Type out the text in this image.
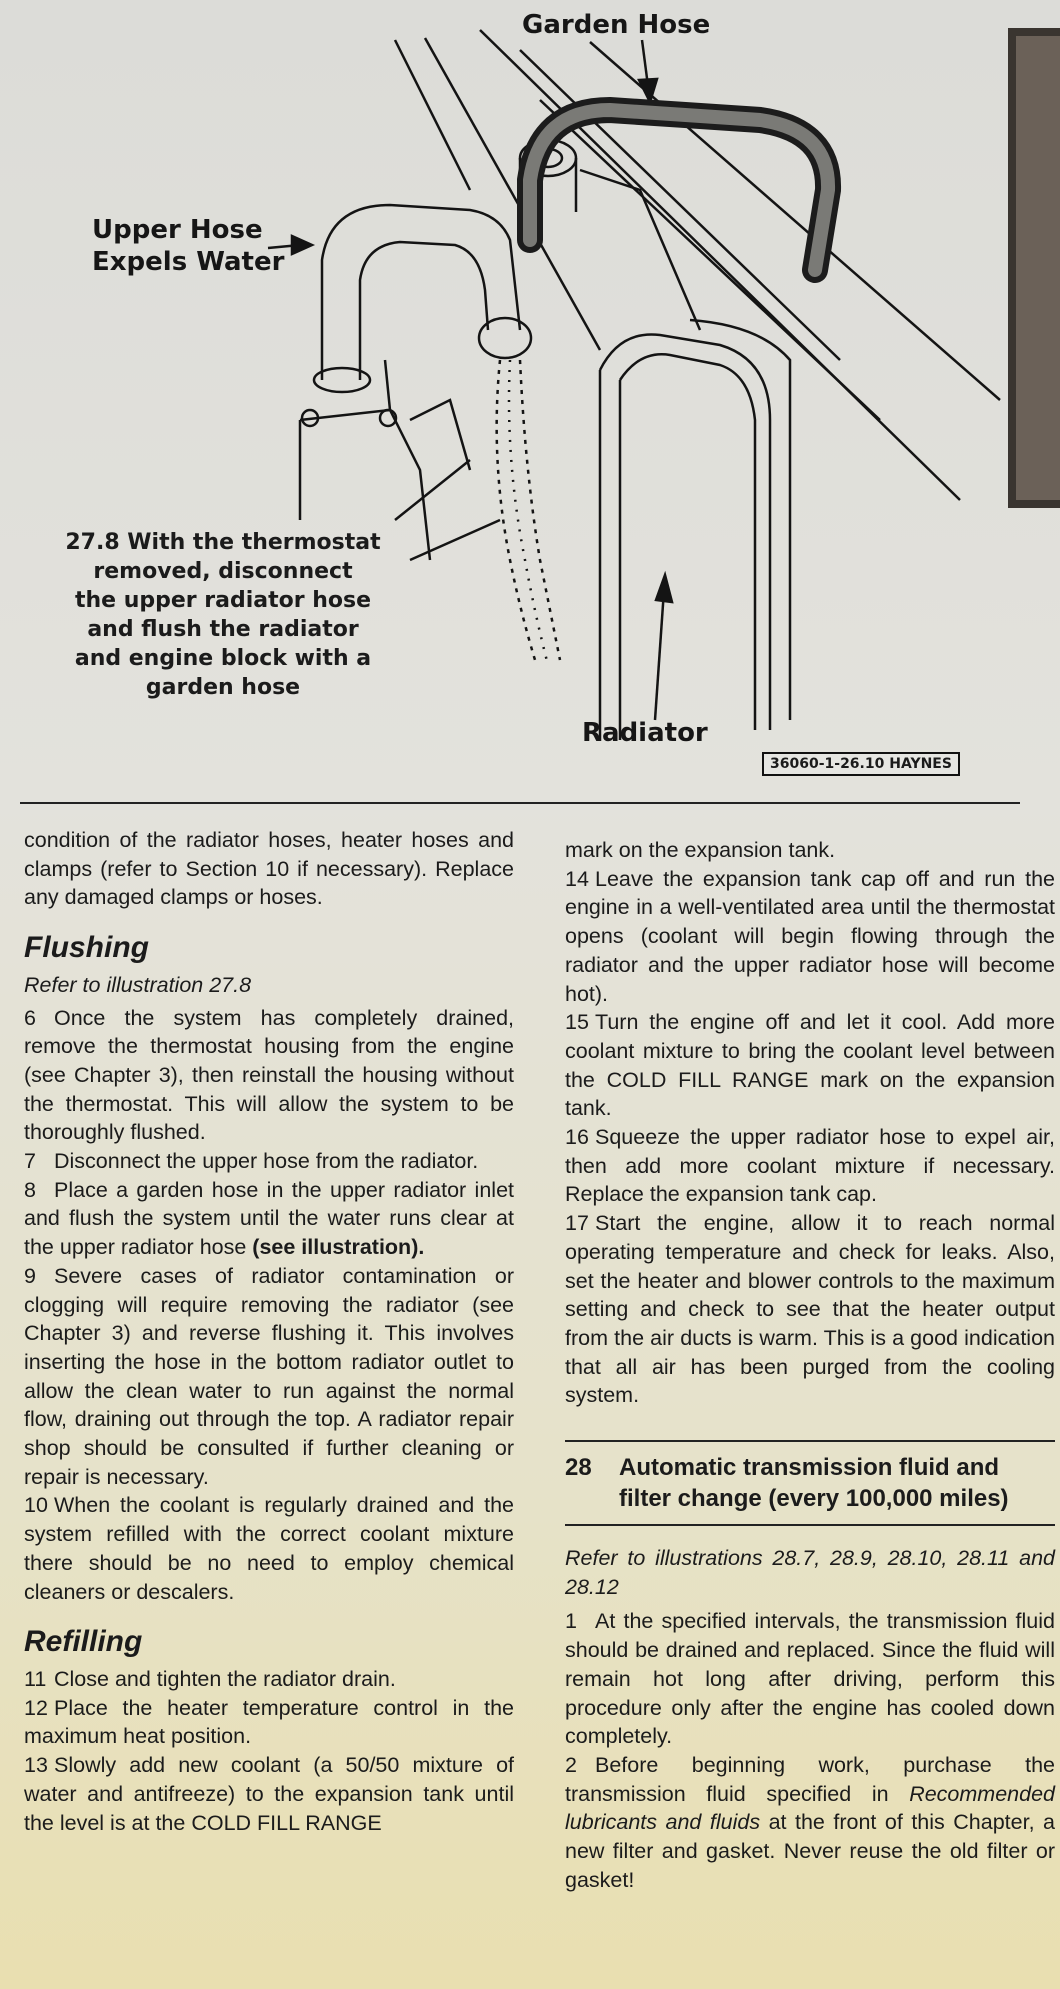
Garden Hose
Upper Hose
Expels Water
Radiator
27.8 With the thermostat
removed, disconnect
the upper radiator hose
and flush the radiator
and engine block with a
garden hose
36060-1-26.10 HAYNES

condition of the radiator hoses, heater hoses and clamps (refer to Section 10 if necessary). Replace any damaged clamps or hoses.

Flushing

Refer to illustration 27.8

6 Once the system has completely drained, remove the thermostat housing from the engine (see Chapter 3), then reinstall the housing without the thermostat. This will allow the system to be thoroughly flushed.

7 Disconnect the upper hose from the radiator.

8 Place a garden hose in the upper radiator inlet and flush the system until the water runs clear at the upper radiator hose (see illustration).

9 Severe cases of radiator contamination or clogging will require removing the radiator (see Chapter 3) and reverse flushing it. This involves inserting the hose in the bottom radiator outlet to allow the clean water to run against the normal flow, draining out through the top. A radiator repair shop should be consulted if further cleaning or repair is necessary.

10 When the coolant is regularly drained and the system refilled with the correct coolant mixture there should be no need to employ chemical cleaners or descalers.

Refilling

11 Close and tighten the radiator drain.

12 Place the heater temperature control in the maximum heat position.

13 Slowly add new coolant (a 50/50 mixture of water and antifreeze) to the expansion tank until the level is at the COLD FILL RANGE

mark on the expansion tank.

14 Leave the expansion tank cap off and run the engine in a well-ventilated area until the thermostat opens (coolant will begin flowing through the radiator and the upper radiator hose will become hot).

15 Turn the engine off and let it cool. Add more coolant mixture to bring the coolant level between the COLD FILL RANGE mark on the expansion tank.

16 Squeeze the upper radiator hose to expel air, then add more coolant mixture if necessary. Replace the expansion tank cap.

17 Start the engine, allow it to reach normal operating temperature and check for leaks. Also, set the heater and blower controls to the maximum setting and check to see that the heater output from the air ducts is warm. This is a good indication that all air has been purged from the cooling system.

28	Automatic transmission fluid and filter change (every 100,000 miles)

Refer to illustrations 28.7, 28.9, 28.10, 28.11 and 28.12

1 At the specified intervals, the transmission fluid should be drained and replaced. Since the fluid will remain hot long after driving, perform this procedure only after the engine has cooled down completely.

2 Before beginning work, purchase the transmission fluid specified in Recommended lubricants and fluids at the front of this Chapter, a new filter and gasket. Never reuse the old filter or gasket!
